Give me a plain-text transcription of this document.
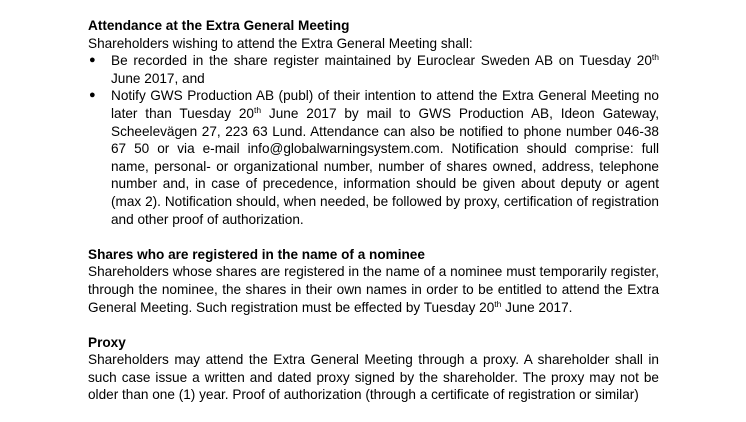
Attendance at the Extra General Meeting

Shareholders wishing to attend the Extra General Meeting shall:

● Be recorded in the share register maintained by Euroclear Sweden AB on Tuesday 20th June 2017, and
● Notify GWS Production AB (publ) of their intention to attend the Extra General Meeting no later than Tuesday 20th June 2017 by mail to GWS Production AB, Ideon Gateway, Scheelevägen 27, 223 63 Lund. Attendance can also be notified to phone number 046-38 67 50 or via e-mail info@globalwarningsystem.com. Notification should comprise: full name, personal- or organizational number, number of shares owned, address, telephone number and, in case of precedence, information should be given about deputy or agent (max 2). Notification should, when needed, be followed by proxy, certification of registration and other proof of authorization.
Shares who are registered in the name of a nominee

Shareholders whose shares are registered in the name of a nominee must temporarily register, through the nominee, the shares in their own names in order to be entitled to attend the Extra General Meeting. Such registration must be effected by Tuesday 20th June 2017.

Proxy

Shareholders may attend the Extra General Meeting through a proxy. A shareholder shall in such case issue a written and dated proxy signed by the shareholder. The proxy may not be older than one (1) year. Proof of authorization (through a certificate of registration or similar)
